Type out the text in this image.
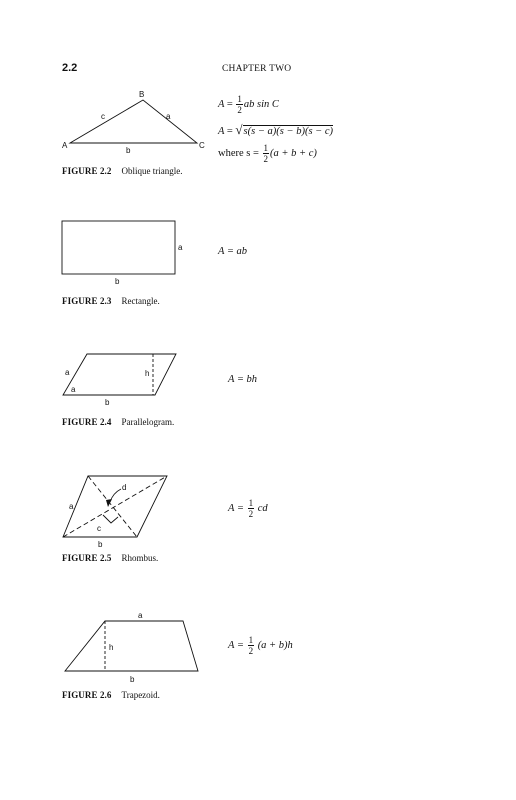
2.2	CHAPTER TWO
A
B
C
c	a
b
$A = \frac{1}{2}$ ab sin C
A = √s(s − a)(s − b)(s − c)
where $s = \frac{1}{2} (a + b + c)$
FIGURE 2.2 Oblique triangle.
a
b
A = ab
FIGURE 2.3 Rectangle.
a
a
h
b
A = bh
FIGURE 2.4 Parallelogram.
d
c
a
b
$A = \frac{1}{2}$ cd
FIGURE 2.5 Rhombus.
a
h
b
$A = \frac{1}{2} (a + b)h$
FIGURE 2.6 Trapezoid.
